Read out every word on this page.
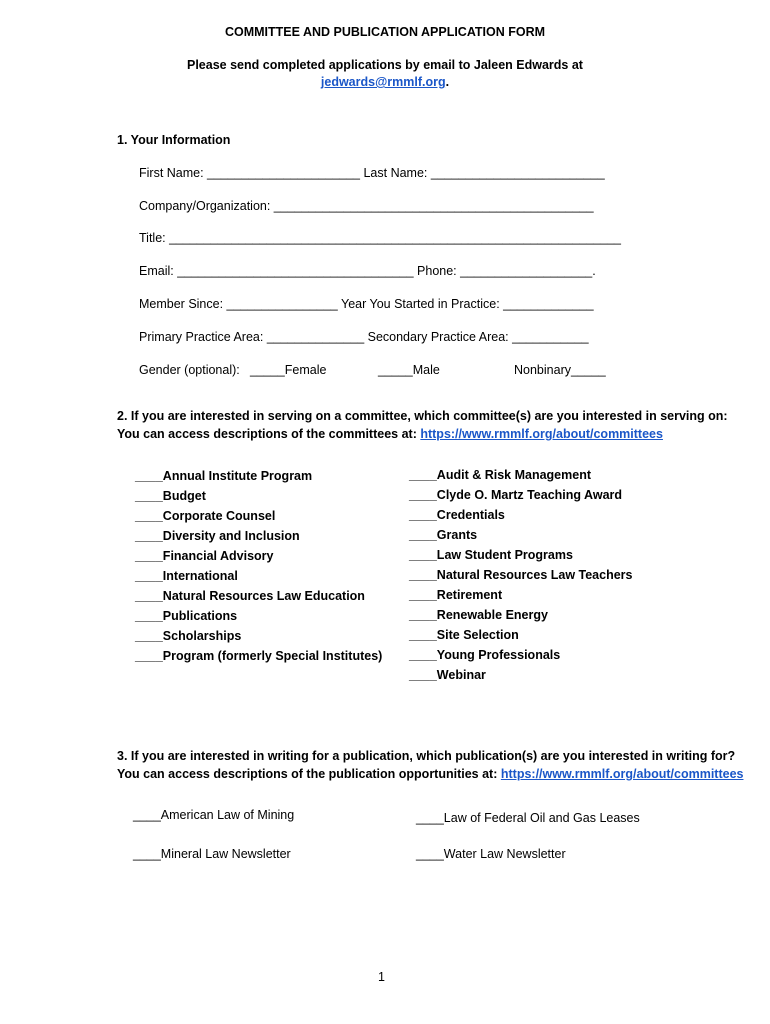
COMMITTEE AND PUBLICATION APPLICATION FORM
Please send completed applications by email to Jaleen Edwards at
jedwards@rmmlf.org.
1. Your Information
First Name: ______________________ Last Name: _________________________
Company/Organization: ______________________________________________
Title: _________________________________________________________________
Email: __________________________________ Phone: ___________________.
Member Since: ________________ Year You Started in Practice: _____________
Primary Practice Area: ______________ Secondary Practice Area: ___________
Gender (optional): _____Female	_____Male	Nonbinary_____
2. If you are interested in serving on a committee, which committee(s) are you interested in serving on:
You can access descriptions of the committees at: https://www.rmmlf.org/about/committees
____Annual Institute Program
____Budget
____Corporate Counsel
____Diversity and Inclusion
____Financial Advisory
____International
____Natural Resources Law Education
____Publications
____Scholarships
____Program (formerly Special Institutes)
____Audit & Risk Management
____Clyde O. Martz Teaching Award
____Credentials
____Grants
____Law Student Programs
____Natural Resources Law Teachers
____Retirement
____Renewable Energy
____Site Selection
____Young Professionals
____Webinar
3. If you are interested in writing for a publication, which publication(s) are you interested in writing for?
You can access descriptions of the publication opportunities at: https://www.rmmlf.org/about/committees
____American Law of Mining	____Law of Federal Oil and Gas Leases
____Mineral Law Newsletter	____Water Law Newsletter
1
